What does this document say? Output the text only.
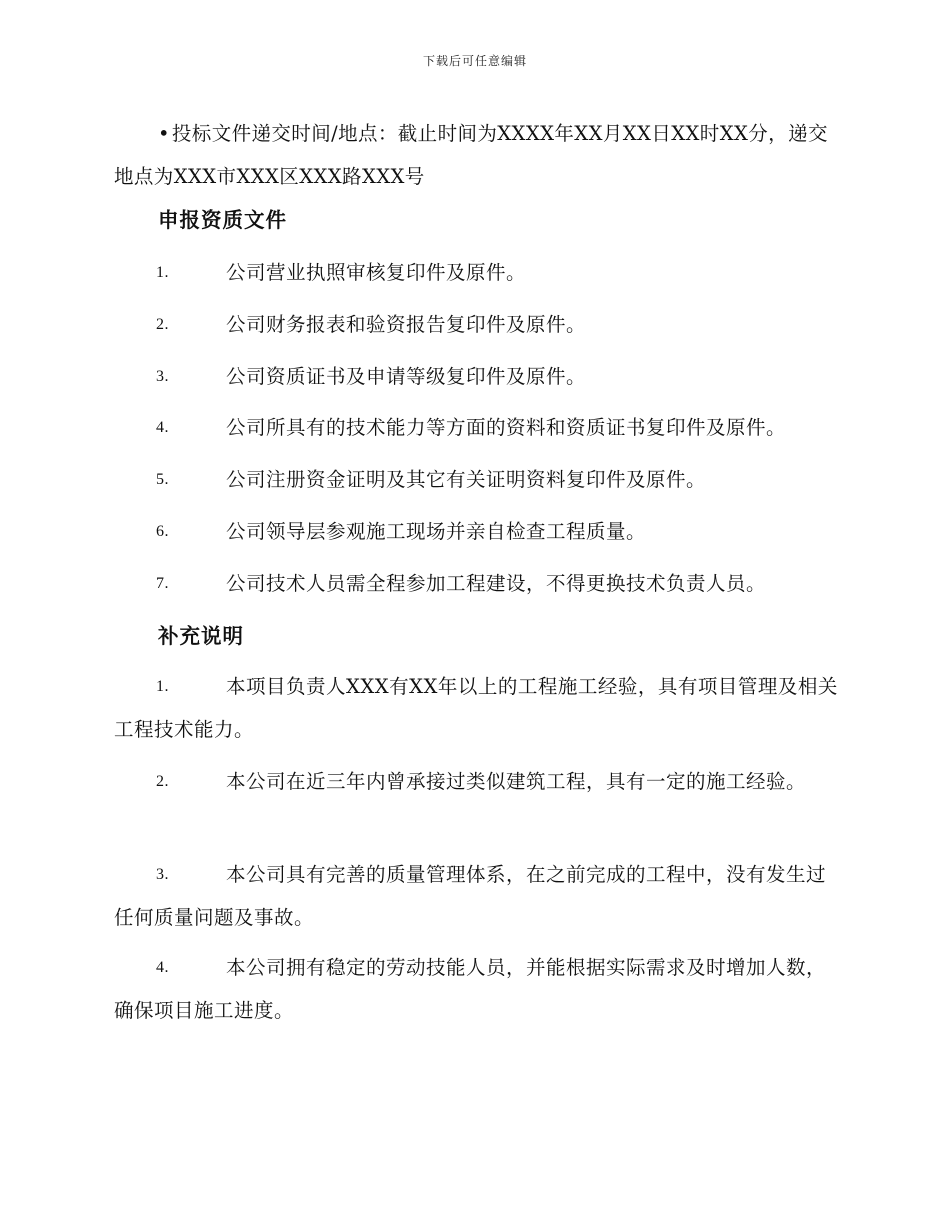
下载后可任意编辑
• 投标文件递交时间/地点：截止时间为XXXX年XX月XX日XX时XX分，递交地点为XXX市XXX区XXX路XXX号
申报资质文件
1.	公司营业执照审核复印件及原件。
2.	公司财务报表和验资报告复印件及原件。
3.	公司资质证书及申请等级复印件及原件。
4.	公司所具有的技术能力等方面的资料和资质证书复印件及原件。
5.	公司注册资金证明及其它有关证明资料复印件及原件。
6.	公司领导层参观施工现场并亲自检查工程质量。
7.	公司技术人员需全程参加工程建设，不得更换技术负责人员。
补充说明
1.	本项目负责人XXX有XX年以上的工程施工经验，具有项目管理及相关工程技术能力。
2.	本公司在近三年内曾承接过类似建筑工程，具有一定的施工经验。
3.	本公司具有完善的质量管理体系，在之前完成的工程中，没有发生过任何质量问题及事故。
4.	本公司拥有稳定的劳动技能人员，并能根据实际需求及时增加人数，确保项目施工进度。
